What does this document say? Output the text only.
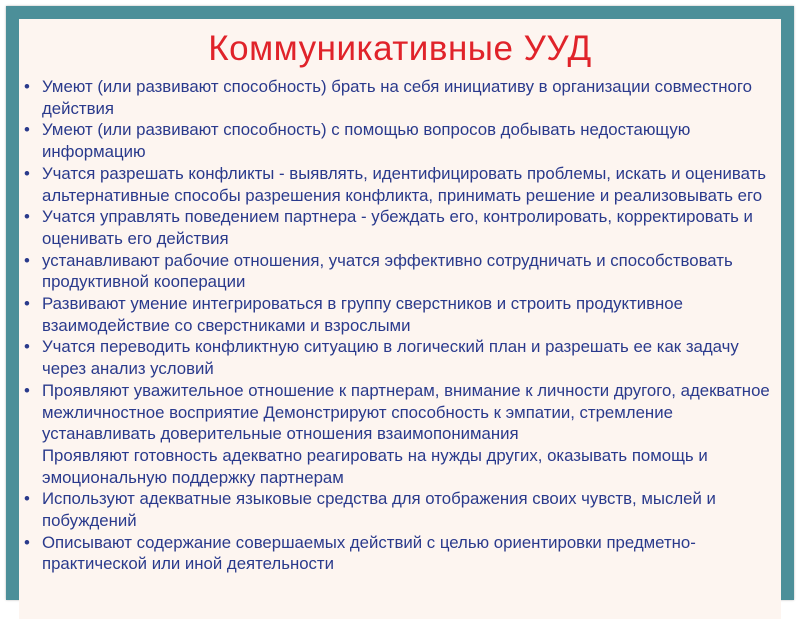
Коммуникативные УУД
• Умеют (или развивают способность) брать на себя инициативу в организации совместного действия
• Умеют (или развивают способность) с помощью вопросов добывать недостающую информацию
• Учатся разрешать конфликты - выявлять, идентифицировать проблемы, искать и оценивать альтернативные способы разрешения конфликта, принимать решение и реализовывать его
• Учатся управлять поведением партнера - убеждать его, контролировать, корректировать и оценивать его действия
• устанавливают рабочие отношения, учатся эффективно сотрудничать и способствовать продуктивной кооперации
• Развивают умение интегрироваться в группу сверстников и строить продуктивное взаимодействие со сверстниками и взрослыми
• Учатся переводить конфликтную ситуацию в логический план и разрешать ее как задачу через анализ условий
• Проявляют уважительное отношение к партнерам, внимание к личности другого, адекватное межличностное восприятие Демонстрируют способность к эмпатии, стремление устанавливать доверительные отношения взаимопонимания
Проявляют готовность адекватно реагировать на нужды других, оказывать помощь и эмоциональную поддержку партнерам
• Используют адекватные языковые средства для отображения своих чувств, мыслей и побуждений
• Описывают содержание совершаемых действий с целью ориентировки предметно-практической или иной деятельности
